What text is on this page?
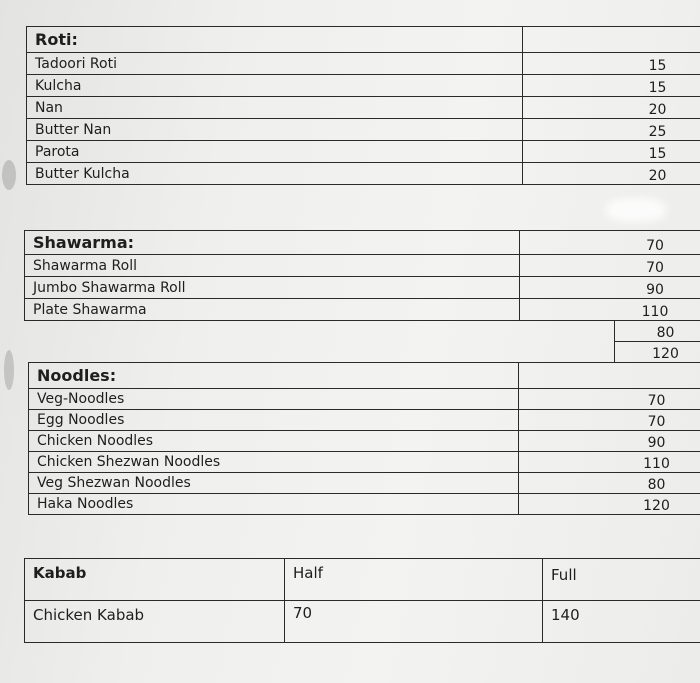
Roti:	
Tadoori Roti	15
Kulcha	15
Nan	20
Butter Nan	25
Parota	15
Butter Kulcha	20
Shawarma:	70
Shawarma Roll	70
Jumbo Shawarma Roll	90
Plate Shawarma	110
80
120
Noodles:	
Veg-Noodles	70
Egg Noodles	70
Chicken Noodles	90
Chicken Shezwan Noodles	110
Veg Shezwan Noodles	80
Haka Noodles	120
Kabab	Half	Full
Chicken Kabab	70	140
